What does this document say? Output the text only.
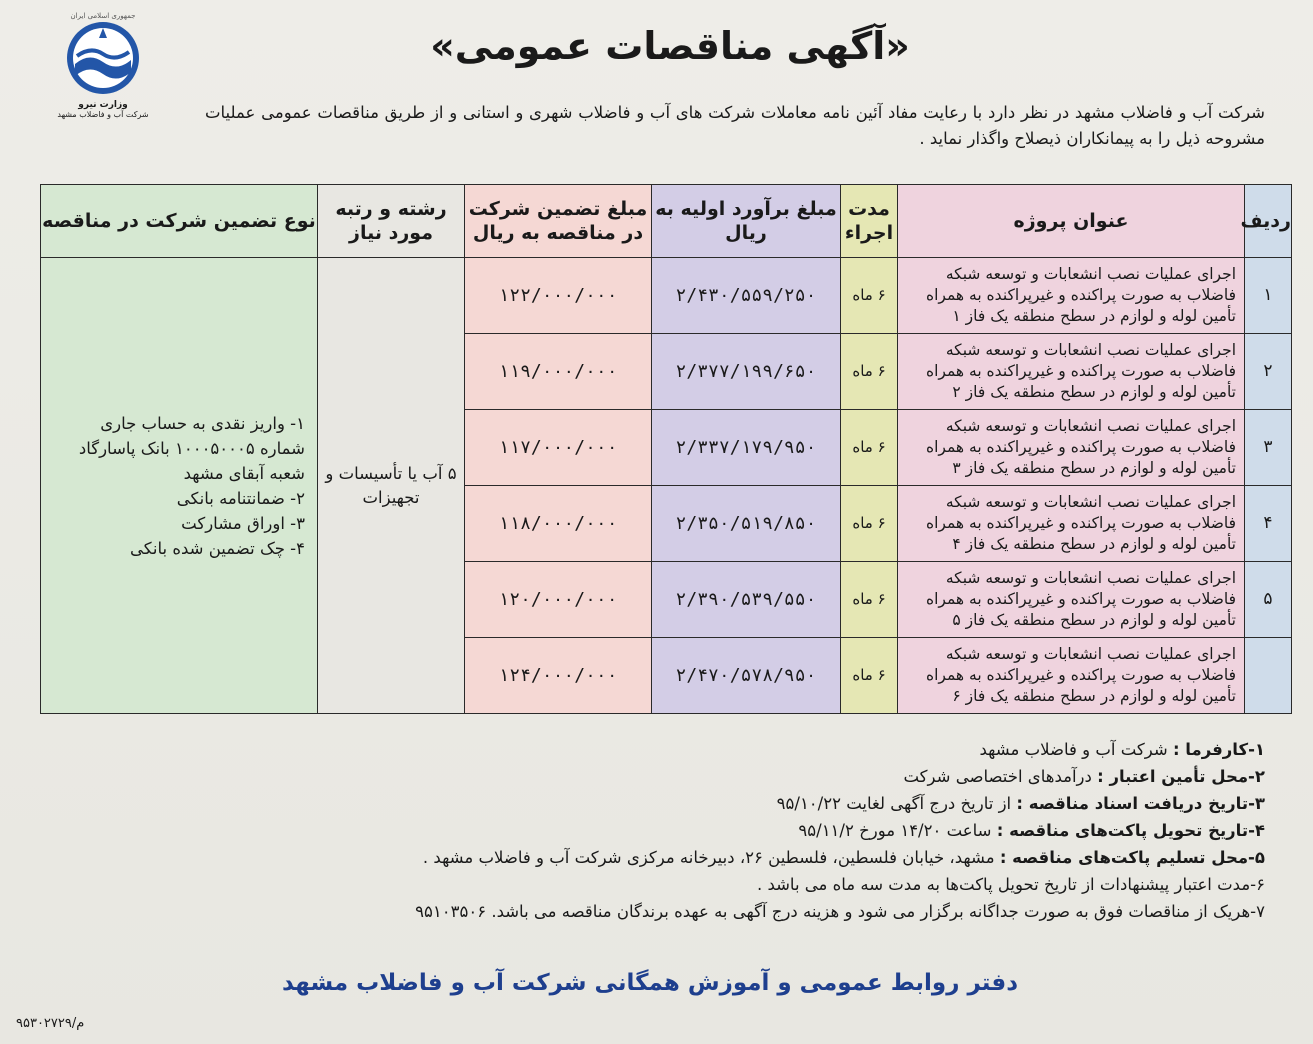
جمهوری اسلامی ایران
وزارت نیرو
شرکت آب و فاضلاب مشهد
«آگهی مناقصات عمومی»
شرکت آب و فاضلاب مشهد در نظر دارد با رعایت مفاد آئین نامه معاملات شرکت های آب و فاضلاب شهری و استانی و از طریق مناقصات عمومی عملیات مشروحه ذیل را به پیمانکاران ذیصلاح واگذار نماید .
ردیف	عنوان پروژه	مدت اجراء	مبلغ برآورد اولیه به ریال	مبلغ تضمین شرکت در مناقصه به ریال	رشته و رتبه مورد نیاز	نوع تضمین شرکت در مناقصه
۱	اجرای عملیات نصب انشعابات و توسعه شبکه فاضلاب به صورت پراکنده و غیرپراکنده به همراه تأمین لوله و لوازم در سطح منطقه یک فاز ۱	۶ ماه	۲/۴۳۰/۵۵۹/۲۵۰	۱۲۲/۰۰۰/۰۰۰	۵ آب یا تأسیسات و تجهیزات	۱- واریز نقدی به حساب جاری شماره ۱۰۰۰۵۰۰۰۵ بانک پاسارگاد شعبه آبقای مشهد
۲- ضمانتنامه بانکی
۳- اوراق مشارکت
۴- چک تضمین شده بانکی

۲	اجرای عملیات نصب انشعابات و توسعه شبکه فاضلاب به صورت پراکنده و غیرپراکنده به همراه تأمین لوله و لوازم در سطح منطقه یک فاز ۲	۶ ماه	۲/۳۷۷/۱۹۹/۶۵۰	۱۱۹/۰۰۰/۰۰۰		
۳	اجرای عملیات نصب انشعابات و توسعه شبکه فاضلاب به صورت پراکنده و غیرپراکنده به همراه تأمین لوله و لوازم در سطح منطقه یک فاز ۳	۶ ماه	۲/۳۳۷/۱۷۹/۹۵۰	۱۱۷/۰۰۰/۰۰۰		
۴	اجرای عملیات نصب انشعابات و توسعه شبکه فاضلاب به صورت پراکنده و غیرپراکنده به همراه تأمین لوله و لوازم در سطح منطقه یک فاز ۴	۶ ماه	۲/۳۵۰/۵۱۹/۸۵۰	۱۱۸/۰۰۰/۰۰۰		
۵	اجرای عملیات نصب انشعابات و توسعه شبکه فاضلاب به صورت پراکنده و غیرپراکنده به همراه تأمین لوله و لوازم در سطح منطقه یک فاز ۵	۶ ماه	۲/۳۹۰/۵۳۹/۵۵۰	۱۲۰/۰۰۰/۰۰۰		
	اجرای عملیات نصب انشعابات و توسعه شبکه فاضلاب به صورت پراکنده و غیرپراکنده به همراه تأمین لوله و لوازم در سطح منطقه یک فاز ۶	۶ ماه	۲/۴۷۰/۵۷۸/۹۵۰	۱۲۴/۰۰۰/۰۰۰		
۱-کارفرما : شرکت آب و فاضلاب مشهد
۲-محل تأمین اعتبار : درآمدهای اختصاصی شرکت
۳-تاریخ دریافت اسناد مناقصه : از تاریخ درج آگهی لغایت ۹۵/۱۰/۲۲
۴-تاریخ تحویل پاکت‌های مناقصه : ساعت ۱۴/۲۰ مورخ ۹۵/۱۱/۲
۵-محل تسلیم پاکت‌های مناقصه : مشهد، خیابان فلسطین، فلسطین ۲۶، دبیرخانه مرکزی شرکت آب و فاضلاب مشهد .
۶-مدت اعتبار پیشنهادات از تاریخ تحویل پاکت‌ها به مدت سه ماه می باشد .
۷-هریک از مناقصات فوق به صورت جداگانه برگزار می شود و هزینه درج آگهی به عهده برندگان مناقصه می باشد. ۹۵۱۰۳۵۰۶
دفتر روابط عمومی و آموزش همگانی شرکت آب و فاضلاب مشهد
۹۵۳۰۲۷۲۹/م
